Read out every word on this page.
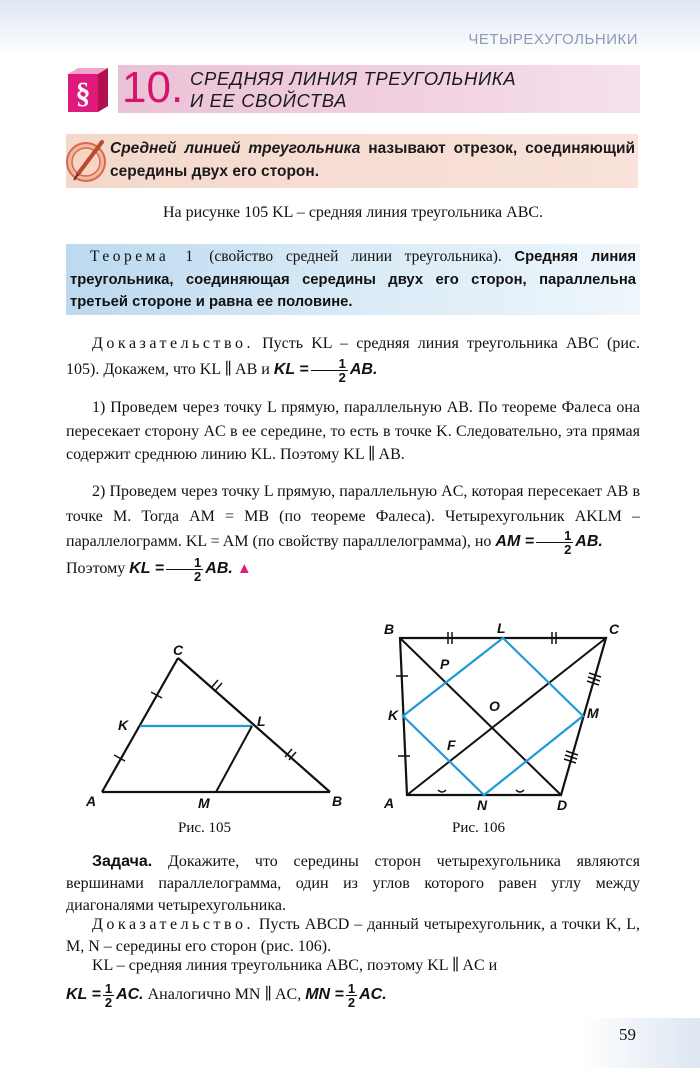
ЧЕТЫРЕХУГОЛЬНИКИ
§ 10. СРЕДНЯЯ ЛИНИЯ ТРЕУГОЛЬНИКА
И ЕЕ СВОЙСТВА
Средней линией треугольника называют отрезок, соединяющий середины двух его сторон.
На рисунке 105 KL – средняя линия треугольника ABC.
Теорема 1 (свойство средней линии треугольника). Средняя линия треугольника, соединяющая середины двух его сторон, параллельна третьей стороне и равна ее половине.
Доказательство. Пусть KL – средняя линия треугольника ABC (рис. 105). Докажем, что KL ∥ AB и KL = $\frac{1}{2}$ AB.
1) Проведем через точку L прямую, параллельную AB. По теореме Фалеса она пересекает сторону AC в ее середине, то есть в точке K. Следовательно, эта прямая содержит среднюю линию KL. Поэтому KL ∥ AB.
2) Проведем через точку L прямую, параллельную AC, которая пересекает AB в точке M. Тогда AM = MB (по теореме Фалеса). Четырехугольник AKLM – параллелограмм. KL = AM (по свойству параллелограмма), но AM = $\frac{1}{2}$ AB.
Поэтому KL = $\frac{1}{2}$ AB. ▲
A	B
C
K	L
M
Рис. 105
A
B	C
D
K
L
M
N
O
P
F
Рис. 106
Задача. Докажите, что середины сторон четырехугольника являются вершинами параллелограмма, один из углов которого равен углу между диагоналями четырехугольника.
Доказательство. Пусть ABCD – данный четырехугольник, а точки K, L, M, N – середины его сторон (рис. 106).
KL – средняя линия треугольника ABC, поэтому KL ∥ AC и
KL = $\frac{1}{2}$ AC. Аналогично MN ∥ AC, MN = $\frac{1}{2}$ AC.
59
